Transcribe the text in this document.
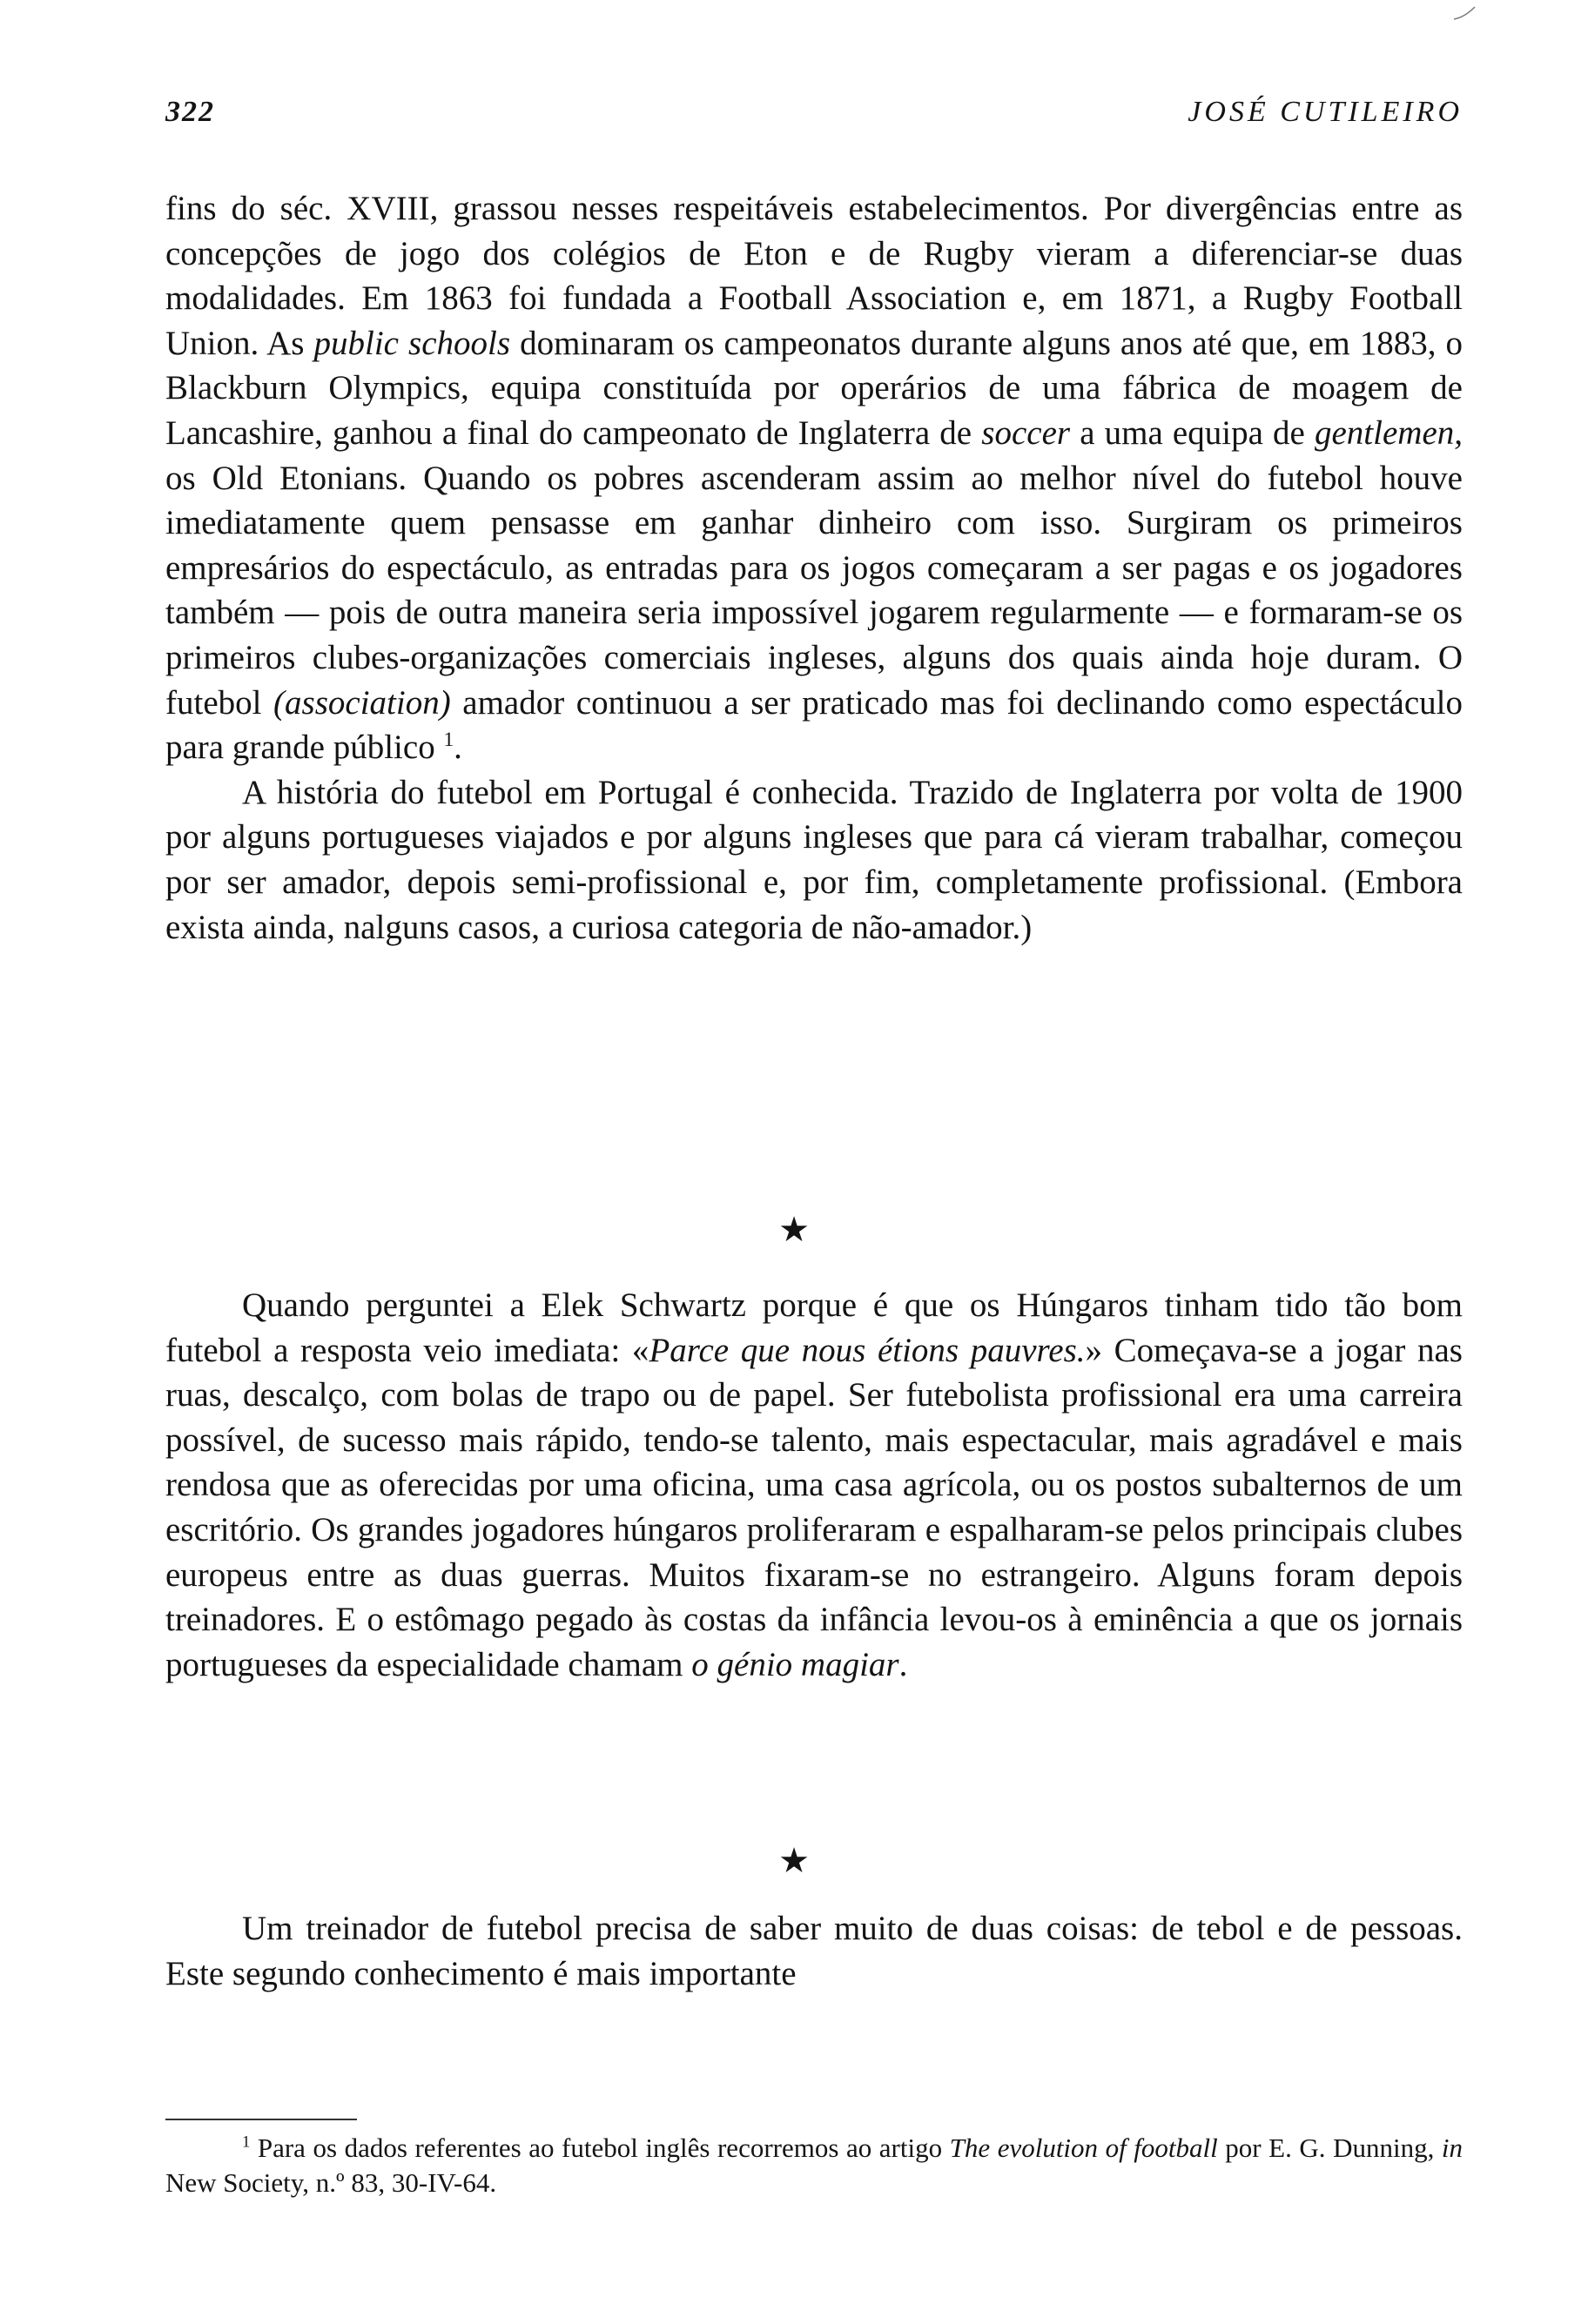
322	JOSÉ CUTILEIRO

fins do séc. XVIII, grassou nesses respeitáveis estabelecimentos. Por divergências entre as concepções de jogo dos colégios de Eton e de Rugby vieram a diferenciar-se duas modalidades. Em 1863 foi fundada a Football Association e, em 1871, a Rugby Football Union. As public schools dominaram os campeonatos durante alguns anos até que, em 1883, o Blackburn Olympics, equipa constituída por operários de uma fábrica de moagem de Lancashire, ganhou a final do campeonato de Inglaterra de soccer a uma equipa de gentlemen, os Old Etonians. Quando os pobres ascenderam assim ao melhor nível do futebol houve imediatamente quem pensasse em ganhar dinheiro com isso. Surgiram os primeiros empresários do espectáculo, as entradas para os jogos começaram a ser pagas e os jogadores também — pois de outra maneira seria impossível jogarem regularmente — e formaram-se os primeiros clubes-organizações comerciais ingleses, alguns dos quais ainda hoje duram. O futebol (association) amador continuou a ser praticado mas foi declinando como espectáculo para grande público $^1$.

A história do futebol em Portugal é conhecida. Trazido de Inglaterra por volta de 1900 por alguns portugueses viajados e por alguns ingleses que para cá vieram trabalhar, começou por ser amador, depois semi-profissional e, por fim, completamente profissional. (Embora exista ainda, nalguns casos, a curiosa categoria de não-amador.)

★

Quando perguntei a Elek Schwartz porque é que os Húngaros tinham tido tão bom futebol a resposta veio imediata: «Parce que nous étions pauvres.» Começava-se a jogar nas ruas, descalço, com bolas de trapo ou de papel. Ser futebolista profissional era uma carreira possível, de sucesso mais rápido, tendo-se talento, mais espectacular, mais agradável e mais rendosa que as oferecidas por uma oficina, uma casa agrícola, ou os postos subalternos de um escritório. Os grandes jogadores húngaros proliferaram e espalharam-se pelos principais clubes europeus entre as duas guerras. Muitos fixaram-se no estrangeiro. Alguns foram depois treinadores. E o estômago pegado às costas da infância levou-os à eminência a que os jornais portugueses da especialidade chamam o génio magiar.

★

Um treinador de futebol precisa de saber muito de duas coisas: de tebol e de pessoas. Este segundo conhecimento é mais importante

$^1$ Para os dados referentes ao futebol inglês recorremos ao artigo The evolution of football por E. G. Dunning, in New Society, n.º 83, 30-IV-64.
